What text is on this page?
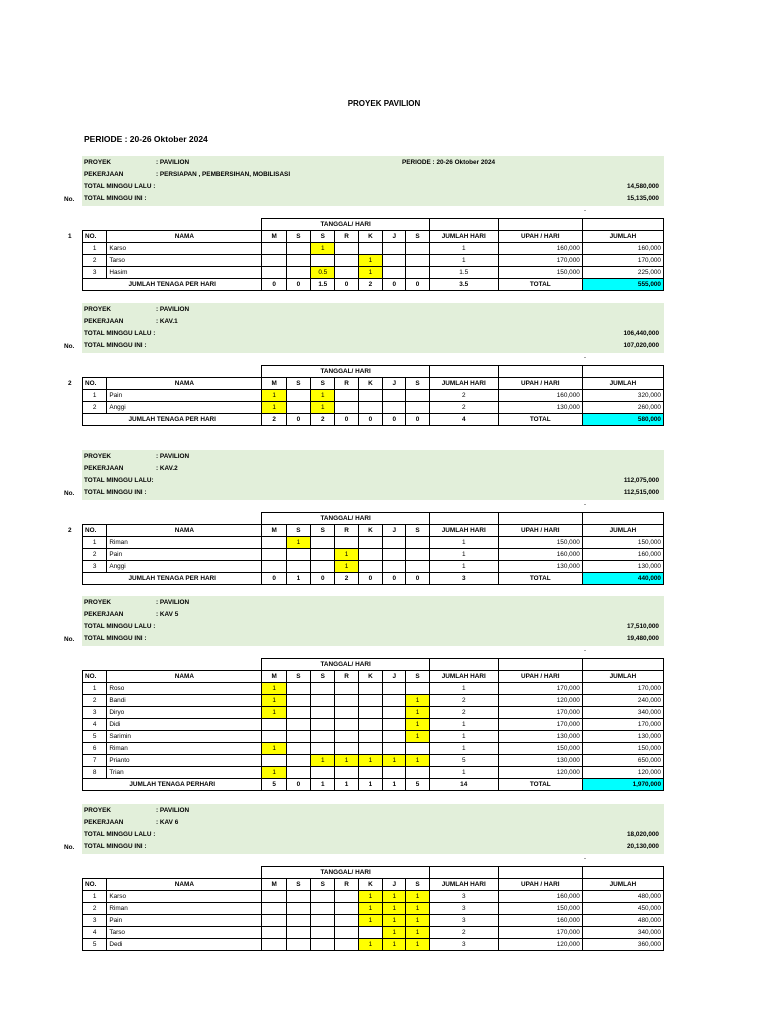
PROYEK PAVILION
PERIODE : 20-26 Oktober 2024
PROYEK	: PAVILION	PERIODE : 20-26 Oktober 2024
PEKERJAAN	: PERSIAPAN , PEMBERSIHAN, MOBILISASI
TOTAL MINGGU LALU :	14,580,000
TOTAL MINGGU INI :	15,135,000
No.
-
1
		TANGGAL/ HARI									
NO.	NAMA	M	S	S	R	K	J	S	JUMLAH HARI	UPAH / HARI	JUMLAH
1	Karso			1					1	160,000	160,000
2	Tarso					1			1	170,000	170,000
3	Hasim			0.5		1			1.5	150,000	225,000
JUMLAH TENAGA PER HARI		0	0	1.5	0	2	0	0	3.5	TOTAL	555,000
PROYEK	: PAVILION
PEKERJAAN	: KAV.1
TOTAL MINGGU LALU :	106,440,000
TOTAL MINGGU INI :	107,020,000
No.
-
2
		TANGGAL/ HARI									
NO.	NAMA	M	S	S	R	K	J	S	JUMLAH HARI	UPAH / HARI	JUMLAH
1	Pain	1		1					2	160,000	320,000
2	Anggi	1		1					2	130,000	260,000
JUMLAH TENAGA PER HARI		2	0	2	0	0	0	0	4	TOTAL	580,000
PROYEK	: PAVILION
PEKERJAAN	: KAV.2
TOTAL MINGGU LALU:	112,075,000
TOTAL MINGGU INI :	112,515,000
No.
-
2
		TANGGAL/ HARI									
NO.	NAMA	M	S	S	R	K	J	S	JUMLAH HARI	UPAH / HARI	JUMLAH
1	Riman		1						1	150,000	150,000
2	Pain				1				1	160,000	160,000
3	Anggi				1				1	130,000	130,000
JUMLAH TENAGA PER HARI		0	1	0	2	0	0	0	3	TOTAL	440,000
PROYEK	: PAVILION
PEKERJAAN	: KAV 5
TOTAL MINGGU LALU :	17,510,000
TOTAL MINGGU INI :	19,480,000
No.
-
		TANGGAL/ HARI									
NO.	NAMA	M	S	S	R	K	J	S	JUMLAH HARI	UPAH / HARI	JUMLAH
1	Roso	1							1	170,000	170,000
2	Bandi	1						1	2	120,000	240,000
3	Diryo	1						1	2	170,000	340,000
4	Didi							1	1	170,000	170,000
5	Sarimin							1	1	130,000	130,000
6	Riman	1							1	150,000	150,000
7	Prianto			1	1	1	1	1	5	130,000	650,000
8	Trian	1							1	120,000	120,000
JUMLAH TENAGA PERHARI		5	0	1	1	1	1	5	14	TOTAL	1,970,000
PROYEK	: PAVILION
PEKERJAAN	: KAV 6
TOTAL MINGGU LALU :	18,020,000
TOTAL MINGGU INI :	20,130,000
No.
-
		TANGGAL/ HARI									
NO.	NAMA	M	S	S	R	K	J	S	JUMLAH HARI	UPAH / HARI	JUMLAH
1	Karso					1	1	1	3	160,000	480,000
2	Riman					1	1	1	3	150,000	450,000
3	Pain					1	1	1	3	160,000	480,000
4	Tarso						1	1	2	170,000	340,000
5	Dedi					1	1	1	3	120,000	360,000
